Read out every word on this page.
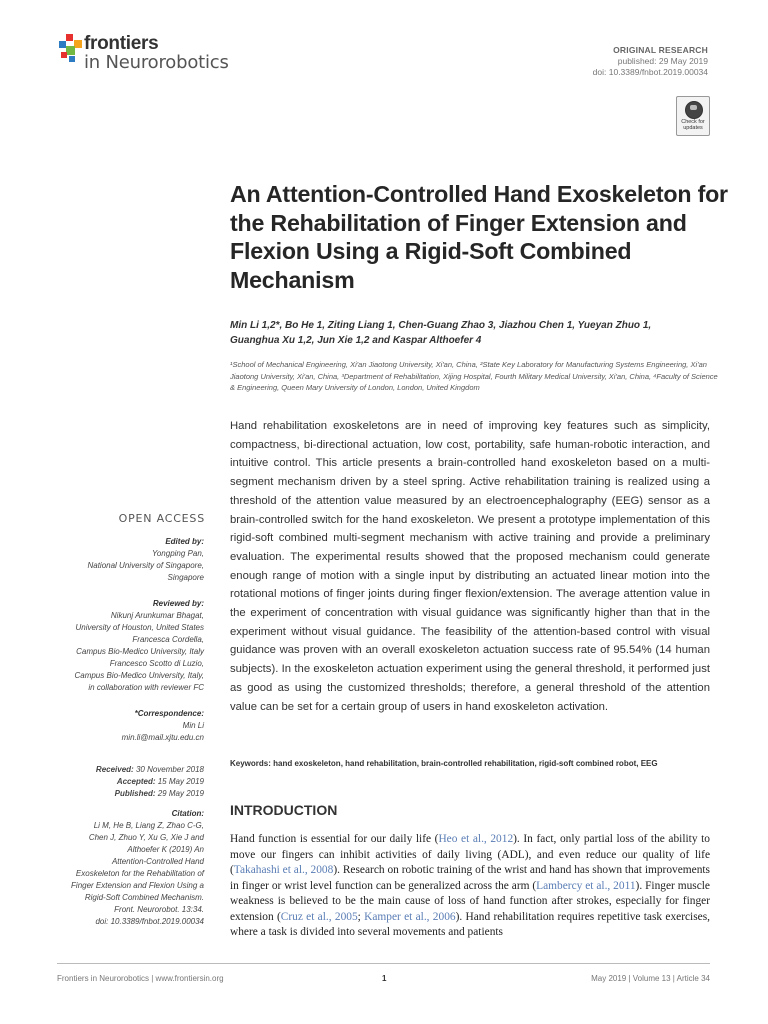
frontiers
in Neurorobotics
ORIGINAL RESEARCH
published: 29 May 2019
doi: 10.3389/fnbot.2019.00034
Check for updates
An Attention-Controlled Hand Exoskeleton for the Rehabilitation of Finger Extension and Flexion Using a Rigid-Soft Combined Mechanism
Min Li 1,2*, Bo He 1, Ziting Liang 1, Chen-Guang Zhao 3, Jiazhou Chen 1, Yueyan Zhuo 1,
Guanghua Xu 1,2, Jun Xie 1,2 and Kaspar Althoefer 4
¹School of Mechanical Engineering, Xi'an Jiaotong University, Xi'an, China, ²State Key Laboratory for Manufacturing Systems Engineering, Xi'an Jiaotong University, Xi'an, China, ³Department of Rehabilitation, Xijing Hospital, Fourth Military Medical University, Xi'an, China, ⁴Faculty of Science & Engineering, Queen Mary University of London, London, United Kingdom
Hand rehabilitation exoskeletons are in need of improving key features such as simplicity, compactness, bi-directional actuation, low cost, portability, safe human-robotic interaction, and intuitive control. This article presents a brain-controlled hand exoskeleton based on a multi-segment mechanism driven by a steel spring. Active rehabilitation training is realized using a threshold of the attention value measured by an electroencephalography (EEG) sensor as a brain-controlled switch for the hand exoskeleton. We present a prototype implementation of this rigid-soft combined multi-segment mechanism with active training and provide a preliminary evaluation. The experimental results showed that the proposed mechanism could generate enough range of motion with a single input by distributing an actuated linear motion into the rotational motions of finger joints during finger flexion/extension. The average attention value in the experiment of concentration with visual guidance was significantly higher than that in the experiment without visual guidance. The feasibility of the attention-based control with visual guidance was proven with an overall exoskeleton actuation success rate of 95.54% (14 human subjects). In the exoskeleton actuation experiment using the general threshold, it performed just as good as using the customized thresholds; therefore, a general threshold of the attention value can be set for a certain group of users in hand exoskeleton activation.
Keywords: hand exoskeleton, hand rehabilitation, brain-controlled rehabilitation, rigid-soft combined robot, EEG
OPEN ACCESS
Edited by:
Yongping Pan,
National University of Singapore,
Singapore
Reviewed by:
Nikunj Arunkumar Bhagat,
University of Houston, United States
Francesca Cordella,
Campus Bio-Medico University, Italy
Francesco Scotto di Luzio,
Campus Bio-Medico University, Italy,
in collaboration with reviewer FC
*Correspondence:
Min Li
min.li@mail.xjtu.edu.cn
Received: 30 November 2018
Accepted: 15 May 2019
Published: 29 May 2019
Citation:
Li M, He B, Liang Z, Zhao C-G,
Chen J, Zhuo Y, Xu G, Xie J and
Althoefer K (2019) An
Attention-Controlled Hand
Exoskeleton for the Rehabilitation of
Finger Extension and Flexion Using a
Rigid-Soft Combined Mechanism.
Front. Neurorobot. 13:34.
doi: 10.3389/fnbot.2019.00034
INTRODUCTION
Hand function is essential for our daily life (Heo et al., 2012). In fact, only partial loss of the ability to move our fingers can inhibit activities of daily living (ADL), and even reduce our quality of life (Takahashi et al., 2008). Research on robotic training of the wrist and hand has shown that improvements in finger or wrist level function can be generalized across the arm (Lambercy et al., 2011). Finger muscle weakness is believed to be the main cause of loss of hand function after strokes, especially for finger extension (Cruz et al., 2005; Kamper et al., 2006). Hand rehabilitation requires repetitive task exercises, where a task is divided into several movements and patients
Frontiers in Neurorobotics | www.frontiersin.org	1	May 2019 | Volume 13 | Article 34
